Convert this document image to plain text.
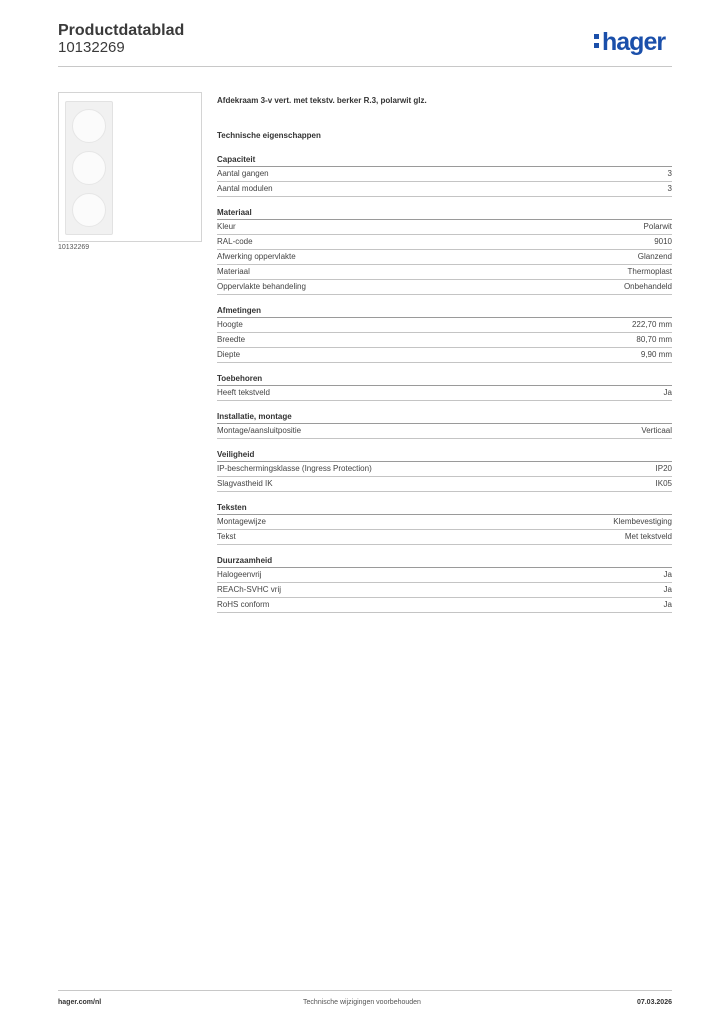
Productdatablad
10132269	hager
10132269
Afdekraam 3-v vert. met tekstv. berker R.3, polarwit glz.
Technische eigenschappen
Capaciteit
Aantal gangen	3
Aantal modulen	3
Materiaal
Kleur	Polarwit
RAL-code	9010
Afwerking oppervlakte	Glanzend
Materiaal	Thermoplast
Oppervlakte behandeling	Onbehandeld
Afmetingen
Hoogte	222,70 mm
Breedte	80,70 mm
Diepte	9,90 mm
Toebehoren
Heeft tekstveld	Ja
Installatie, montage
Montage/aansluitpositie	Verticaal
Veiligheid
IP-beschermingsklasse (Ingress Protection)	IP20
Slagvastheid IK	IK05
Teksten
Montagewijze	Klembevestiging
Tekst	Met tekstveld
Duurzaamheid
Halogeenvrij	Ja
REACh-SVHC vrij	Ja
RoHS conform	Ja
hager.com/nl	Technische wijzigingen voorbehouden	07.03.2026
